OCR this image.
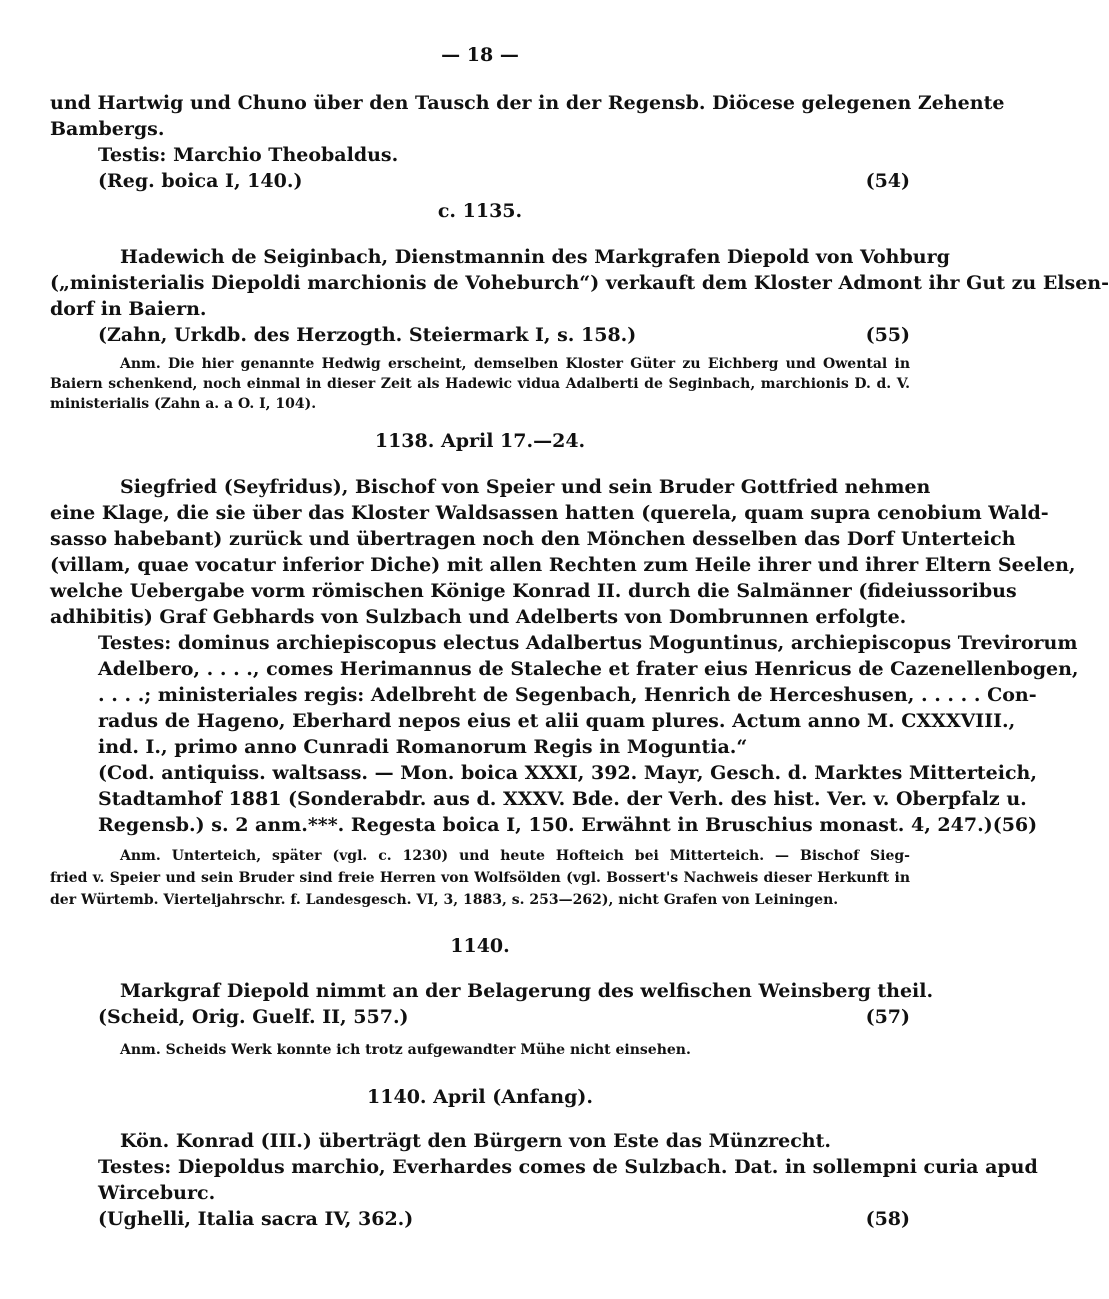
— 18 —
und Hartwig und Chuno über den Tausch der in der Regensb. Diöcese gelegenen Zehente
Bambergs.
Testis: Marchio Theobaldus.
(Reg. boica I, 140.)	(54)
c. 1135.
Hadewich de Seiginbach, Dienstmannin des Markgrafen Diepold von Vohburg
(„ministerialis Diepoldi marchionis de Voheburch“) verkauft dem Kloster Admont ihr Gut zu Elsen-
dorf in Baiern.
(Zahn, Urkdb. des Herzogth. Steiermark I, s. 158.)	(55)
Anm. Die hier genannte Hedwig erscheint, demselben Kloster Güter zu Eichberg und Owental in
Baiern schenkend, noch einmal in dieser Zeit als Hadewic vidua Adalberti de Seginbach, marchionis D. d. V.
ministerialis (Zahn a. a O. I, 104).
1138. April 17.—24.
Siegfried (Seyfridus), Bischof von Speier und sein Bruder Gottfried nehmen
eine Klage, die sie über das Kloster Waldsassen hatten (querela, quam supra cenobium Wald-
sasso habebant) zurück und übertragen noch den Mönchen desselben das Dorf Unterteich
(villam, quae vocatur inferior Diche) mit allen Rechten zum Heile ihrer und ihrer Eltern Seelen,
welche Uebergabe vorm römischen Könige Konrad II. durch die Salmänner (fideiussoribus
adhibitis) Graf Gebhards von Sulzbach und Adelberts von Dombrunnen erfolgte.
Testes: dominus archiepiscopus electus Adalbertus Moguntinus, archiepiscopus Trevirorum
Adelbero, . . . ., comes Herimannus de Staleche et frater eius Henricus de Cazenellenbogen,
. . . .; ministeriales regis: Adelbreht de Segenbach, Henrich de Herceshusen, . . . . . Con-
radus de Hageno, Eberhard nepos eius et alii quam plures. Actum anno M. CXXXVIII.,
ind. I., primo anno Cunradi Romanorum Regis in Moguntia.“
(Cod. antiquiss. waltsass. — Mon. boica XXXI, 392. Mayr, Gesch. d. Marktes Mitterteich,
Stadtamhof 1881 (Sonderabdr. aus d. XXXV. Bde. der Verh. des hist. Ver. v. Oberpfalz u.
Regensb.) s. 2 anm.***. Regesta boica I, 150. Erwähnt in Bruschius monast. 4, 247.) (56)
Anm. Unterteich, später (vgl. c. 1230) und heute Hofteich bei Mitterteich. — Bischof Sieg-
fried v. Speier und sein Bruder sind freie Herren von Wolfsölden (vgl. Bossert's Nachweis dieser Herkunft in
der Würtemb. Vierteljahrschr. f. Landesgesch. VI, 3, 1883, s. 253—262), nicht Grafen von Leiningen.
1140.
Markgraf Diepold nimmt an der Belagerung des welfischen Weinsberg theil.
(Scheid, Orig. Guelf. II, 557.)	(57)
Anm. Scheids Werk konnte ich trotz aufgewandter Mühe nicht einsehen.
1140. April (Anfang).
Kön. Konrad (III.) überträgt den Bürgern von Este das Münzrecht.
Testes: Diepoldus marchio, Everhardes comes de Sulzbach. Dat. in sollempni curia apud
Wirceburc.
(Ughelli, Italia sacra IV, 362.)	(58)
